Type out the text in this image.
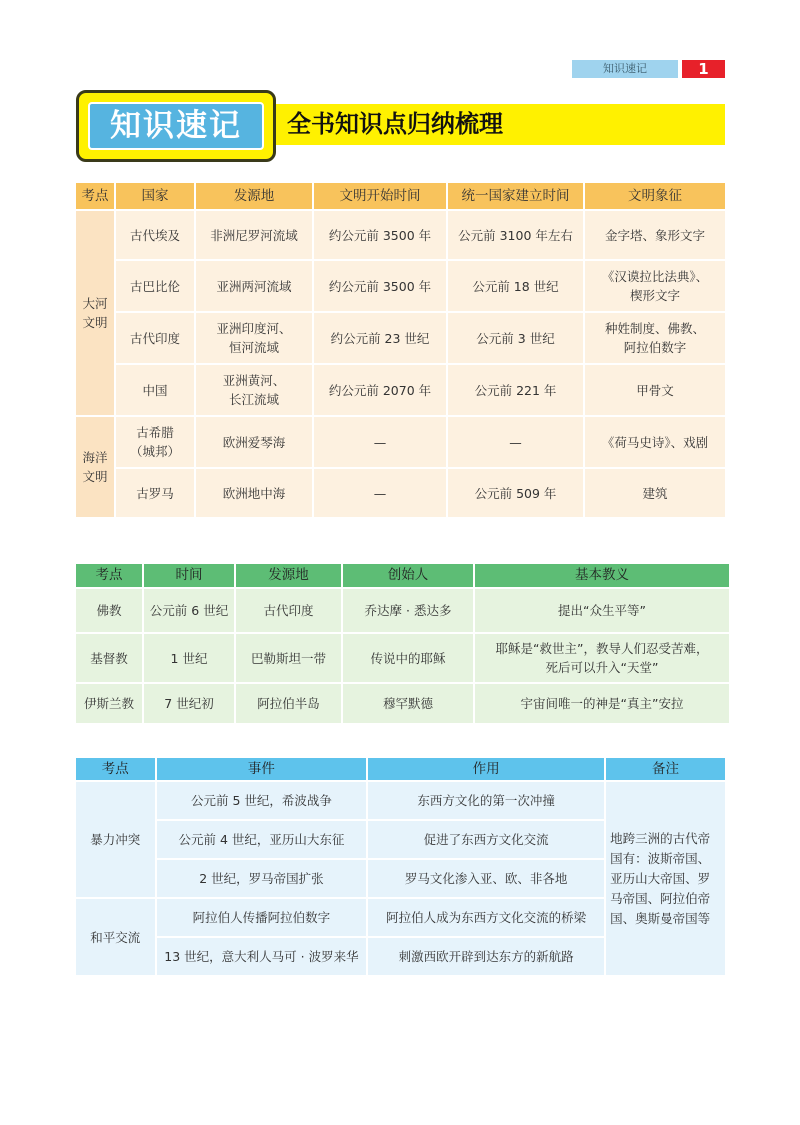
知识速记	1
知识速记	全书知识点归纳梳理
考点	国家	发源地	文明开始时间	统一国家建立时间	文明象征
大河
文明	古代埃及	非洲尼罗河流域	约公元前 3500 年	公元前 3100 年左右	金字塔、象形文字
	古巴比伦	亚洲两河流域	约公元前 3500 年	公元前 18 世纪	《汉谟拉比法典》、
楔形文字
	古代印度	亚洲印度河、
恒河流域	约公元前 23 世纪	公元前 3 世纪	种姓制度、佛教、
阿拉伯数字
	中国	亚洲黄河、
长江流域	约公元前 2070 年	公元前 221 年	甲骨文
海洋
文明	古希腊
（城邦）	欧洲爱琴海	—	—	《荷马史诗》、戏剧
	古罗马	欧洲地中海	—	公元前 509 年	建筑
考点	时间	发源地	创始人	基本教义
佛教	公元前 6 世纪	古代印度	乔达摩 · 悉达多	提出“众生平等”
基督教	1 世纪	巴勒斯坦一带	传说中的耶稣	耶稣是“救世主”，教导人们忍受苦难，
死后可以升入“天堂”
伊斯兰教	7 世纪初	阿拉伯半岛	穆罕默德	宇宙间唯一的神是“真主”安拉
考点	事件	作用	备注
暴力冲突	公元前 5 世纪，希波战争	东西方文化的第一次冲撞	地跨三洲的古代帝
国有：波斯帝国、
亚历山大帝国、罗
马帝国、阿拉伯帝
国、奥斯曼帝国等
	公元前 4 世纪，亚历山大东征	促进了东西方文化交流	
	2 世纪，罗马帝国扩张	罗马文化渗入亚、欧、非各地	
和平交流	阿拉伯人传播阿拉伯数字	阿拉伯人成为东西方文化交流的桥梁	
	13 世纪，意大利人马可 · 波罗来华	刺激西欧开辟到达东方的新航路	
